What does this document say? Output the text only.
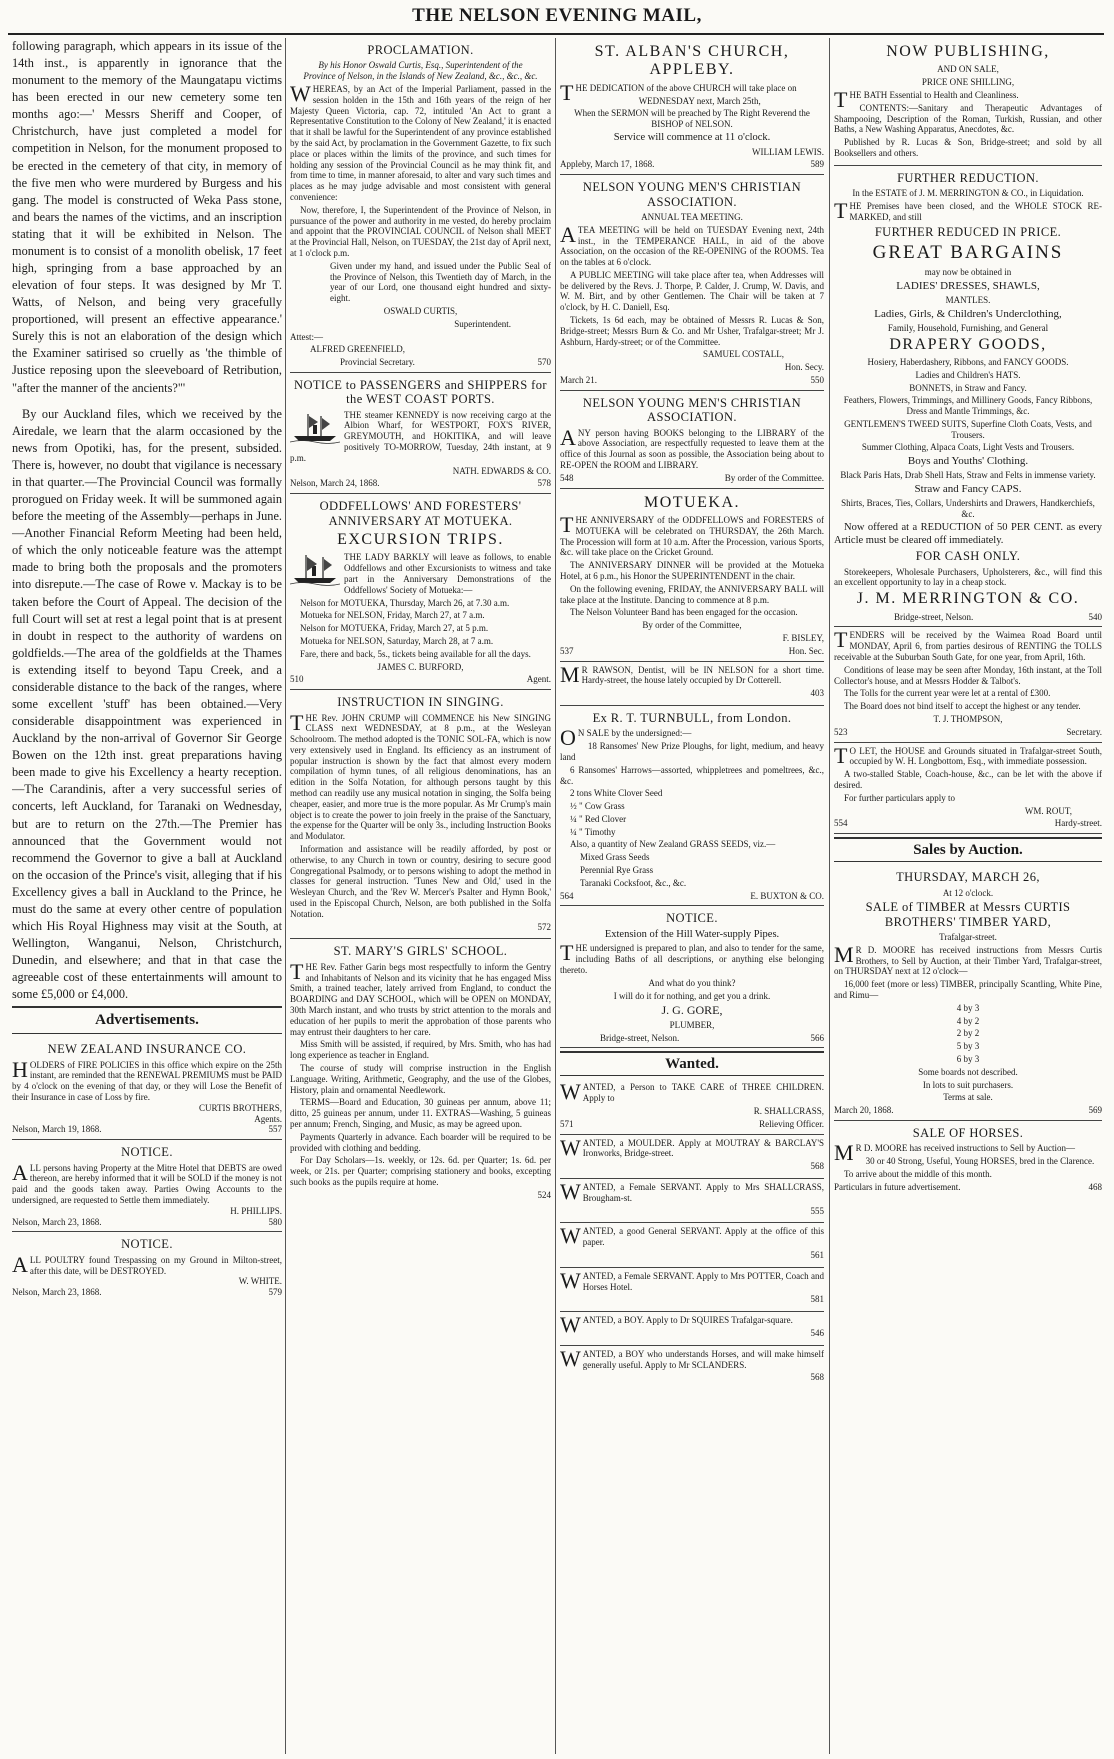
THE NELSON EVENING MAIL,

following paragraph, which appears in its issue of the 14th inst., is apparently in ignorance that the monument to the memory of the Maungatapu victims has been erected in our new cemetery some ten months ago:—' Messrs Sheriff and Cooper, of Christchurch, have just completed a model for competition in Nelson, for the monument proposed to be erected in the cemetery of that city, in memory of the five men who were murdered by Burgess and his gang. The model is constructed of Weka Pass stone, and bears the names of the victims, and an inscription stating that it will be exhibited in Nelson. The monument is to consist of a monolith obelisk, 17 feet high, springing from a base approached by an elevation of four steps. It was designed by Mr T. Watts, of Nelson, and being very gracefully proportioned, will present an effective appearance.' Surely this is not an elaboration of the design which the Examiner satirised so cruelly as 'the thimble of Justice reposing upon the sleeveboard of Retribution, "after the manner of the ancients?"'

By our Auckland files, which we received by the Airedale, we learn that the alarm occasioned by the news from Opotiki, has, for the present, subsided. There is, however, no doubt that vigilance is necessary in that quarter.—The Provincial Council was formally prorogued on Friday week. It will be summoned again before the meeting of the Assembly—perhaps in June.—Another Financial Reform Meeting had been held, of which the only noticeable feature was the attempt made to bring both the proposals and the promoters into disrepute.—The case of Rowe v. Mackay is to be taken before the Court of Appeal. The decision of the full Court will set at rest a legal point that is at present in doubt in respect to the authority of wardens on goldfields.—The area of the goldfields at the Thames is extending itself to beyond Tapu Creek, and a considerable distance to the back of the ranges, where some excellent 'stuff' has been obtained.—Very considerable disappointment was experienced in Auckland by the non-arrival of Governor Sir George Bowen on the 12th inst. great preparations having been made to give his Excellency a hearty reception.—The Carandinis, after a very successful series of concerts, left Auckland, for Taranaki on Wednesday, but are to return on the 27th.—The Premier has announced that the Government would not recommend the Governor to give a ball at Auckland on the occasion of the Prince's visit, alleging that if his Excellency gives a ball in Auckland to the Prince, he must do the same at every other centre of population which His Royal Highness may visit at the South, at Wellington, Wanganui, Nelson, Christchurch, Dunedin, and elsewhere; and that in that case the agreeable cost of these entertainments will amount to some £5,000 or £4,000.

Advertisements.
NEW ZEALAND INSURANCE CO.

HOLDERS of FIRE POLICIES in this office which expire on the 25th instant, are reminded that the RENEWAL PREMIUMS must be PAID by 4 o'clock on the evening of that day, or they will Lose the Benefit of their Insurance in case of Loss by fire.

CURTIS BROTHERS,

Agents.

Nelson, March 19, 1868.	557
NOTICE.

ALL persons having Property at the Mitre Hotel that DEBTS are owed thereon, are hereby informed that it will be SOLD if the money is not paid and the goods taken away. Parties Owing Accounts to the undersigned, are requested to Settle them immediately.

H. PHILLIPS.

Nelson, March 23, 1868.	580
NOTICE.

ALL POULTRY found Trespassing on my Ground in Milton-street, after this date, will be DESTROYED.

W. WHITE.

Nelson, March 23, 1868.	579
PROCLAMATION.

By his Honor Oswald Curtis, Esq., Superintendent of the Province of Nelson, in the Islands of New Zealand, &c., &c., &c.

WHEREAS, by an Act of the Imperial Parliament, passed in the session holden in the 15th and 16th years of the reign of her Majesty Queen Victoria, cap. 72, intituled 'An Act to grant a Representative Constitution to the Colony of New Zealand,' it is enacted that it shall be lawful for the Superintendent of any province established by the said Act, by proclamation in the Government Gazette, to fix such place or places within the limits of the province, and such times for holding any session of the Provincial Council as he may think fit, and from time to time, in manner aforesaid, to alter and vary such times and places as he may judge advisable and most consistent with general convenience:

Now, therefore, I, the Superintendent of the Province of Nelson, in pursuance of the power and authority in me vested, do hereby proclaim and appoint that the PROVINCIAL COUNCIL of Nelson shall MEET at the Provincial Hall, Nelson, on TUESDAY, the 21st day of April next, at 1 o'clock p.m.

Given under my hand, and issued under the Public Seal of the Province of Nelson, this Twentieth day of March, in the year of our Lord, one thousand eight hundred and sixty-eight.

OSWALD CURTIS,

Superintendent.

Attest:—

ALFRED GREENFIELD,

Provincial Secretary.	570
NOTICE to PASSENGERS and SHIPPERS for the WEST COAST PORTS.

THE steamer KENNEDY is now receiving cargo at the Albion Wharf, for WESTPORT, FOX'S RIVER, GREYMOUTH, and HOKITIKA, and will leave positively TO-MORROW, Tuesday, 24th instant, at 9 p.m.

NATH. EDWARDS & CO.

Nelson, March 24, 1868.	578
ODDFELLOWS' AND FORESTERS' ANNIVERSARY AT MOTUEKA.
EXCURSION TRIPS.

THE LADY BARKLY will leave as follows, to enable Oddfellows and other Excursionists to witness and take part in the Anniversary Demonstrations of the Oddfellows' Society of Motueka:—

Nelson for MOTUEKA, Thursday, March 26, at 7.30 a.m.

Motueka for NELSON, Friday, March 27, at 7 a.m.

Nelson for MOTUEKA, Friday, March 27, at 5 p.m.

Motueka for NELSON, Saturday, March 28, at 7 a.m.

Fare, there and back, 5s., tickets being available for all the days.

JAMES C. BURFORD,

510	Agent.
INSTRUCTION IN SINGING.

THE Rev. JOHN CRUMP will COMMENCE his New SINGING CLASS next WEDNESDAY, at 8 p.m., at the Wesleyan Schoolroom. The method adopted is the TONIC SOL-FA, which is now very extensively used in England. Its efficiency as an instrument of popular instruction is shown by the fact that almost every modern compilation of hymn tunes, of all religious denominations, has an edition in the Solfa Notation, for although persons taught by this method can readily use any musical notation in singing, the Solfa being cheaper, easier, and more true is the more popular. As Mr Crump's main object is to create the power to join freely in the praise of the Sanctuary, the expense for the Quarter will be only 3s., including Instruction Books and Modulator.

Information and assistance will be readily afforded, by post or otherwise, to any Church in town or country, desiring to secure good Congregational Psalmody, or to persons wishing to adopt the method in classes for general instruction. 'Tunes New and Old,' used in the Wesleyan Church, and the 'Rev W. Mercer's Psalter and Hymn Book,' used in the Episcopal Church, Nelson, are both published in the Solfa Notation.

572

ST. MARY'S GIRLS' SCHOOL.

THE Rev. Father Garin begs most respectfully to inform the Gentry and Inhabitants of Nelson and its vicinity that he has engaged Miss Smith, a trained teacher, lately arrived from England, to conduct the BOARDING and DAY SCHOOL, which will be OPEN on MONDAY, 30th March instant, and who trusts by strict attention to the morals and education of her pupils to merit the approbation of those parents who may entrust their daughters to her care.

Miss Smith will be assisted, if required, by Mrs. Smith, who has had long experience as teacher in England.

The course of study will comprise instruction in the English Language. Writing, Arithmetic, Geography, and the use of the Globes, History, plain and ornamental Needlework.

TERMS—Board and Education, 30 guineas per annum, above 11; ditto, 25 guineas per annum, under 11. EXTRAS—Washing, 5 guineas per annum; French, Singing, and Music, as may be agreed upon.

Payments Quarterly in advance. Each boarder will be required to be provided with clothing and bedding.

For Day Scholars—1s. weekly, or 12s. 6d. per Quarter; 1s. 6d. per week, or 21s. per Quarter; comprising stationery and books, excepting such books as the pupils require at home.

524

ST. ALBAN'S CHURCH, APPLEBY.

THE DEDICATION of the above CHURCH will take place on

WEDNESDAY next, March 25th,

When the SERMON will be preached by The Right Reverend the BISHOP of NELSON.

Service will commence at 11 o'clock.

WILLIAM LEWIS.

Appleby, March 17, 1868.	589
NELSON YOUNG MEN'S CHRISTIAN ASSOCIATION.

ANNUAL TEA MEETING.

ATEA MEETING will be held on TUESDAY Evening next, 24th inst., in the TEMPERANCE HALL, in aid of the above Association, on the occasion of the RE-OPENING of the ROOMS. Tea on the tables at 6 o'clock.

A PUBLIC MEETING will take place after tea, when Addresses will be delivered by the Revs. J. Thorpe, P. Calder, J. Crump, W. Davis, and W. M. Birt, and by other Gentlemen. The Chair will be taken at 7 o'clock, by H. C. Daniell, Esq.

Tickets, 1s 6d each, may be obtained of Messrs R. Lucas & Son, Bridge-street; Messrs Burn & Co. and Mr Usher, Trafalgar-street; Mr J. Ashburn, Hardy-street; or of the Committee.

SAMUEL COSTALL,

Hon. Secy.

March 21.	550
NELSON YOUNG MEN'S CHRISTIAN ASSOCIATION.

ANY person having BOOKS belonging to the LIBRARY of the above Association, are respectfully requested to leave them at the office of this Journal as soon as possible, the Association being about to RE-OPEN the ROOM and LIBRARY.

548	By order of the Committee.
MOTUEKA.

THE ANNIVERSARY of the ODDFELLOWS and FORESTERS of MOTUEKA will be celebrated on THURSDAY, the 26th March. The Procession will form at 10 a.m. After the Procession, various Sports, &c. will take place on the Cricket Ground.

The ANNIVERSARY DINNER will be provided at the Motueka Hotel, at 6 p.m., his Honor the SUPERINTENDENT in the chair.

On the following evening, FRIDAY, the ANNIVERSARY BALL will take place at the Institute. Dancing to commence at 8 p.m.

The Nelson Volunteer Band has been engaged for the occasion.

By order of the Committee,

F. BISLEY,

537	Hon. Sec.

MR RAWSON, Dentist, will be IN NELSON for a short time. Hardy-street, the house lately occupied by Dr Cotterell.

403

Ex R. T. TURNBULL, from London.

ON SALE by the undersigned:—

18 Ransomes' New Prize Ploughs, for light, medium, and heavy land

6 Ransomes' Harrows—assorted, whippletrees and pomeltrees, &c., &c.

2 tons White Clover Seed

½ " Cow Grass

¼ " Red Clover

¼ " Timothy

Also, a quantity of New Zealand GRASS SEEDS, viz.—

Mixed Grass Seeds

Perennial Rye Grass

Taranaki Cocksfoot, &c., &c.

564	E. BUXTON & CO.
NOTICE.

Extension of the Hill Water-supply Pipes.

THE undersigned is prepared to plan, and also to tender for the same, including Baths of all descriptions, or anything else belonging thereto.

And what do you think?

I will do it for nothing, and get you a drink.

J. G. GORE,

PLUMBER,

Bridge-street, Nelson.	566
Wanted.

WANTED, a Person to TAKE CARE of THREE CHILDREN. Apply to

R. SHALLCRASS,

571	Relieving Officer.

WANTED, a MOULDER. Apply at MOUTRAY & BARCLAY'S Ironworks, Bridge-street.

568

WANTED, a Female SERVANT. Apply to Mrs SHALLCRASS, Brougham-st.

555

WANTED, a good General SERVANT. Apply at the office of this paper.

561

WANTED, a Female SERVANT. Apply to Mrs POTTER, Coach and Horses Hotel.

581

WANTED, a BOY. Apply to Dr SQUIRES Trafalgar-square.

546

WANTED, a BOY who understands Horses, and will make himself generally useful. Apply to Mr SCLANDERS.

568

NOW PUBLISHING,

AND ON SALE,

PRICE ONE SHILLING,

THE BATH Essential to Health and Cleanliness.

CONTENTS:—Sanitary and Therapeutic Advantages of Shampooing, Description of the Roman, Turkish, Russian, and other Baths, a New Washing Apparatus, Anecdotes, &c.

Published by R. Lucas & Son, Bridge-street; and sold by all Booksellers and others.

FURTHER REDUCTION.

In the ESTATE of J. M. MERRINGTON & CO., in Liquidation.

THE Premises have been closed, and the WHOLE STOCK RE-MARKED, and still

FURTHER REDUCED IN PRICE.
GREAT BARGAINS

may now be obtained in

LADIES' DRESSES, SHAWLS,

MANTLES.

Ladies, Girls, & Children's Underclothing,

Family, Household, Furnishing, and General

DRAPERY GOODS,

Hosiery, Haberdashery, Ribbons, and FANCY GOODS.

Ladies and Children's HATS.

BONNETS, in Straw and Fancy.

Feathers, Flowers, Trimmings, and Millinery Goods, Fancy Ribbons, Dress and Mantle Trimmings, &c.

GENTLEMEN'S TWEED SUITS, Superfine Cloth Coats, Vests, and Trousers.

Summer Clothing, Alpaca Coats, Light Vests and Trousers.

Boys and Youths' Clothing.

Black Paris Hats, Drab Shell Hats, Straw and Felts in immense variety.

Straw and Fancy CAPS.

Shirts, Braces, Ties, Collars, Undershirts and Drawers, Handkerchiefs, &c.

Now offered at a REDUCTION of 50 PER CENT. as every Article must be cleared off immediately.

FOR CASH ONLY.

Storekeepers, Wholesale Purchasers, Upholsterers, &c., will find this an excellent opportunity to lay in a cheap stock.

J. M. MERRINGTON & CO.
Bridge-street, Nelson.	540

TENDERS will be received by the Waimea Road Board until MONDAY, April 6, from parties desirous of RENTING the TOLLS receivable at the Suburban South Gate, for one year, from April, 16th.

Conditions of lease may be seen after Monday, 16th instant, at the Toll Collector's house, and at Messrs Hodder & Talbot's.

The Tolls for the current year were let at a rental of £300.

The Board does not bind itself to accept the highest or any tender.

T. J. THOMPSON,

523	Secretary.

TO LET, the HOUSE and Grounds situated in Trafalgar-street South, occupied by W. H. Longbottom, Esq., with immediate possession.

A two-stalled Stable, Coach-house, &c., can be let with the above if desired.

For further particulars apply to

WM. ROUT,

554	Hardy-street.
Sales by Auction.
THURSDAY, MARCH 26,

At 12 o'clock.

SALE of TIMBER at Messrs CURTIS BROTHERS' TIMBER YARD,

Trafalgar-street.

MR D. MOORE has received instructions from Messrs Curtis Brothers, to Sell by Auction, at their Timber Yard, Trafalgar-street, on THURSDAY next at 12 o'clock—

16,000 feet (more or less) TIMBER, principally Scantling, White Pine, and Rimu—

4 by 3

4 by 2

2 by 2

5 by 3

6 by 3

Some boards not described.

In lots to suit purchasers.

Terms at sale.

March 20, 1868.	569
SALE OF HORSES.

MR D. MOORE has received instructions to Sell by Auction—

30 or 40 Strong, Useful, Young HORSES, bred in the Clarence.

To arrive about the middle of this month.

Particulars in future advertisement.	468
